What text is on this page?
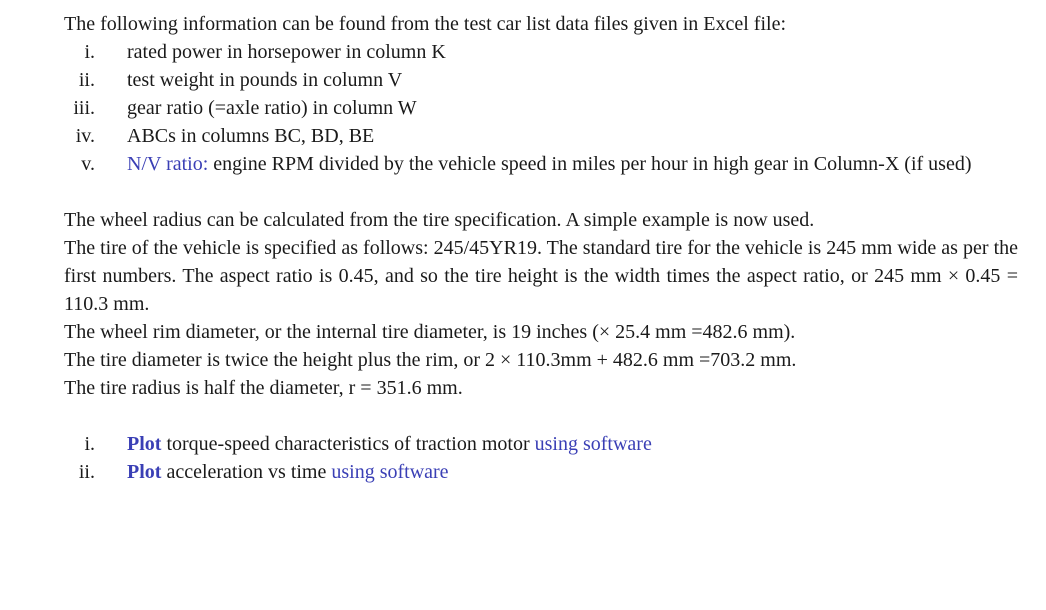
The following information can be found from the test car list data files given in Excel file:
i. rated power in horsepower in column K
ii. test weight in pounds in column V
iii. gear ratio (=axle ratio) in column W
iv. ABCs in columns BC, BD, BE
v. N/V ratio: engine RPM divided by the vehicle speed in miles per hour in high gear in Column-X (if used)
The wheel radius can be calculated from the tire specification. A simple example is now used.
The tire of the vehicle is specified as follows: 245/45YR19. The standard tire for the vehicle is 245 mm wide as per the first numbers. The aspect ratio is 0.45, and so the tire height is the width times the aspect ratio, or 245 mm × 0.45 = 110.3 mm.
The wheel rim diameter, or the internal tire diameter, is 19 inches (× 25.4 mm =482.6 mm).
The tire diameter is twice the height plus the rim, or 2 × 110.3mm + 482.6 mm =703.2 mm.
The tire radius is half the diameter, r = 351.6 mm.
i. Plot torque-speed characteristics of traction motor using software
ii. Plot acceleration vs time using software
